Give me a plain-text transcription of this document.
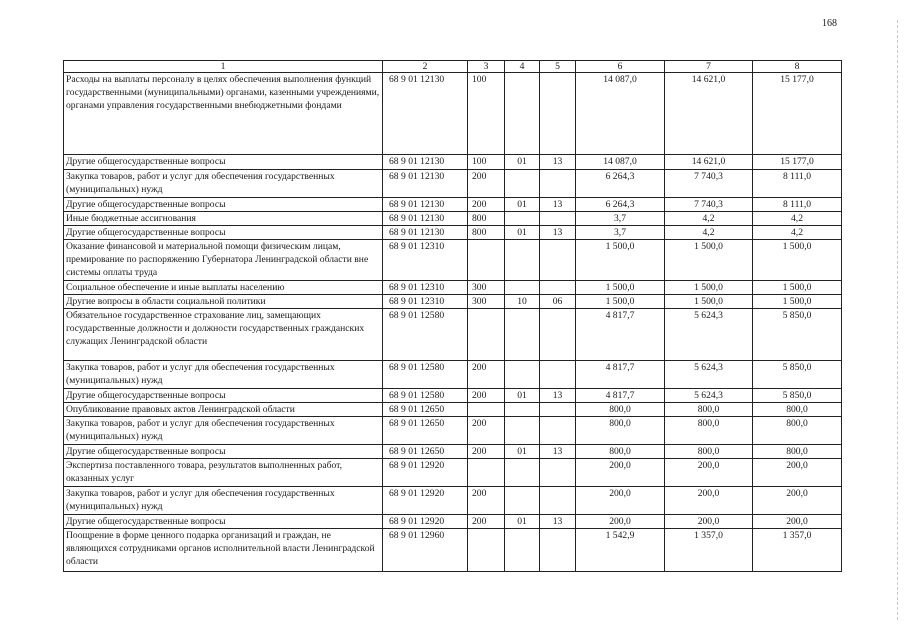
168
1	2	3	4	5	6	7	8
Расходы на выплаты персоналу в целях обеспечения выполнения функций государственными (муниципальными) органами, казенными учреждениями, органами управления государственными внебюджетными фондами	68 9 01 12130	100			14 087,0	14 621,0	15 177,0
Другие общегосударственные вопросы	68 9 01 12130	100	01	13	14 087,0	14 621,0	15 177,0
Закупка товаров, работ и услуг для обеспечения государственных (муниципальных) нужд	68 9 01 12130	200			6 264,3	7 740,3	8 111,0
Другие общегосударственные вопросы	68 9 01 12130	200	01	13	6 264,3	7 740,3	8 111,0
Иные бюджетные ассигнования	68 9 01 12130	800			3,7	4,2	4,2
Другие общегосударственные вопросы	68 9 01 12130	800	01	13	3,7	4,2	4,2
Оказание финансовой и материальной помощи физическим лицам, премирование по распоряжению Губернатора Ленинградской области вне системы оплаты труда	68 9 01 12310				1 500,0	1 500,0	1 500,0
Социальное обеспечение и иные выплаты населению	68 9 01 12310	300			1 500,0	1 500,0	1 500,0
Другие вопросы в области социальной политики	68 9 01 12310	300	10	06	1 500,0	1 500,0	1 500,0
Обязательное государственное страхование лиц, замещающих государственные должности и должности государственных гражданских служащих Ленинградской области	68 9 01 12580				4 817,7	5 624,3	5 850,0
Закупка товаров, работ и услуг для обеспечения государственных (муниципальных) нужд	68 9 01 12580	200			4 817,7	5 624,3	5 850,0
Другие общегосударственные вопросы	68 9 01 12580	200	01	13	4 817,7	5 624,3	5 850,0
Опубликование правовых актов Ленинградской области	68 9 01 12650				800,0	800,0	800,0
Закупка товаров, работ и услуг для обеспечения государственных (муниципальных) нужд	68 9 01 12650	200			800,0	800,0	800,0
Другие общегосударственные вопросы	68 9 01 12650	200	01	13	800,0	800,0	800,0
Экспертиза поставленного товара, результатов выполненных работ, оказанных услуг	68 9 01 12920				200,0	200,0	200,0
Закупка товаров, работ и услуг для обеспечения государственных (муниципальных) нужд	68 9 01 12920	200			200,0	200,0	200,0
Другие общегосударственные вопросы	68 9 01 12920	200	01	13	200,0	200,0	200,0
Поощрение в форме ценного подарка организаций и граждан, не являющихся сотрудниками органов исполнительной власти Ленинградской области	68 9 01 12960				1 542,9	1 357,0	1 357,0
